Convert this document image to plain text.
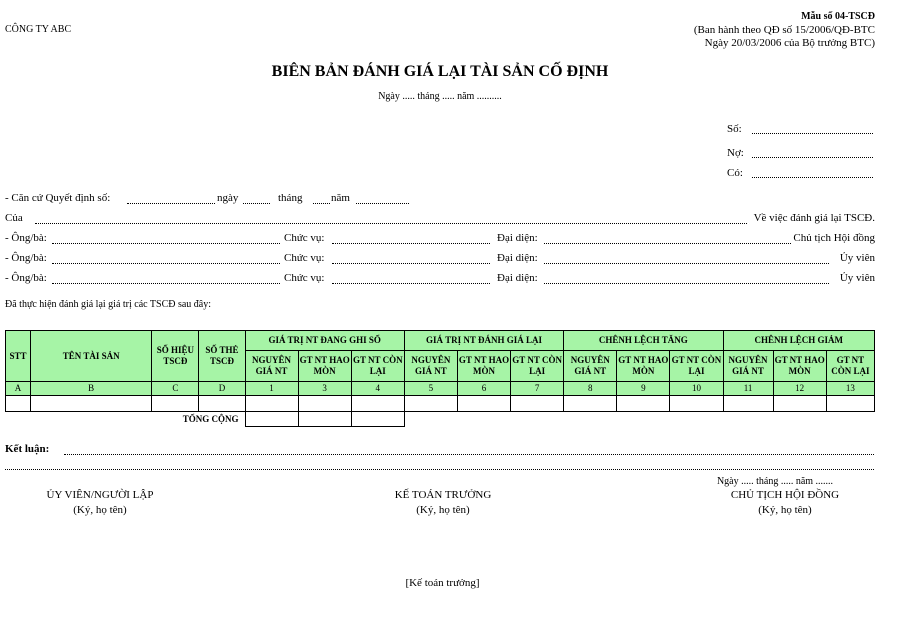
CÔNG TY ABC
Mẫu số 04-TSCĐ
(Ban hành theo QĐ số 15/2006/QĐ-BTC
Ngày 20/03/2006 của Bộ trưởng BTC)
BIÊN BẢN ĐÁNH GIÁ LẠI TÀI SẢN CỐ ĐỊNH
Ngày ..... tháng ..... năm ..........
Số:
Nợ:
Có:
- Căn cứ Quyết định số:	ngày	tháng	năm
Của	Về việc đánh giá lại TSCĐ.
- Ông/bà:	Chức vụ:	Đại diện:	Chủ tịch Hội đồng
- Ông/bà:	Chức vụ:	Đại diện:	Ủy viên
- Ông/bà:	Chức vụ:	Đại diện:	Ủy viên
Đã thực hiện đánh giá lại giá trị các TSCĐ sau đây:
STT	TÊN TÀI SẢN	SỐ HIỆU TSCĐ	SỐ THẺ TSCĐ	GIÁ TRỊ NT ĐANG GHI SỔ			GIÁ TRỊ NT ĐÁNH GIÁ LẠI			CHÊNH LỆCH TĂNG			CHÊNH LỆCH GIẢM		
				NGUYÊN GIÁ NT	GT NT HAO MÒN	GT NT CÒN LẠI	NGUYÊN GIÁ NT	GT NT HAO MÒN	GT NT CÒN LẠI	NGUYÊN GIÁ NT	GT NT HAO MÒN	GT NT CÒN LẠI	NGUYÊN GIÁ NT	GT NT HAO MÒN	GT NT CÒN LẠI
A	B	C	D	1	3	4	5	6	7	8	9	10	11	12	13

TỔNG CỘNG															
Kết luận:
Ngày ..... tháng ..... năm .......
ỦY VIÊN/NGƯỜI LẬP
(Ký, họ tên)
KẾ TOÁN TRƯỞNG
(Ký, họ tên)
CHỦ TỊCH HỘI ĐỒNG
(Ký, họ tên)
[Kế toán trưởng]
